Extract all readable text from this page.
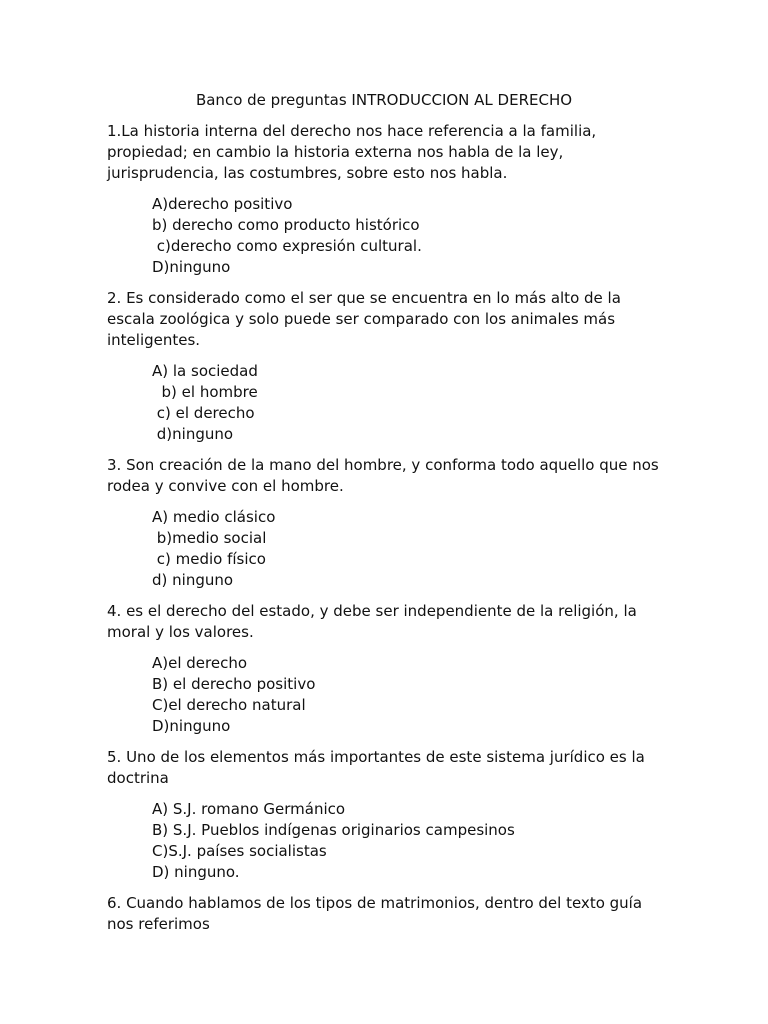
Banco de preguntas INTRODUCCION AL DERECHO

1.La historia interna del derecho nos hace referencia a la familia, propiedad; en cambio la historia externa nos habla de la ley, jurisprudencia, las costumbres, sobre esto nos habla.

A)derecho positivo
b) derecho como producto histórico
c)derecho como expresión cultural.
D)ninguno

2. Es considerado como el ser que se encuentra en lo más alto de la escala zoológica y solo puede ser comparado con los animales más inteligentes.

A) la sociedad
b) el hombre
c) el derecho
d)ninguno

3. Son creación de la mano del hombre, y conforma todo aquello que nos rodea y convive con el hombre.

A) medio clásico
b)medio social
c) medio físico
d) ninguno

4. es el derecho del estado, y debe ser independiente de la religión, la moral y los valores.

A)el derecho
B) el derecho positivo
C)el derecho natural
D)ninguno

5. Uno de los elementos más importantes de este sistema jurídico es la doctrina

A) S.J. romano Germánico
B) S.J. Pueblos indígenas originarios campesinos
C)S.J. países socialistas
D) ninguno.

6. Cuando hablamos de los tipos de matrimonios, dentro del texto guía nos referimos
